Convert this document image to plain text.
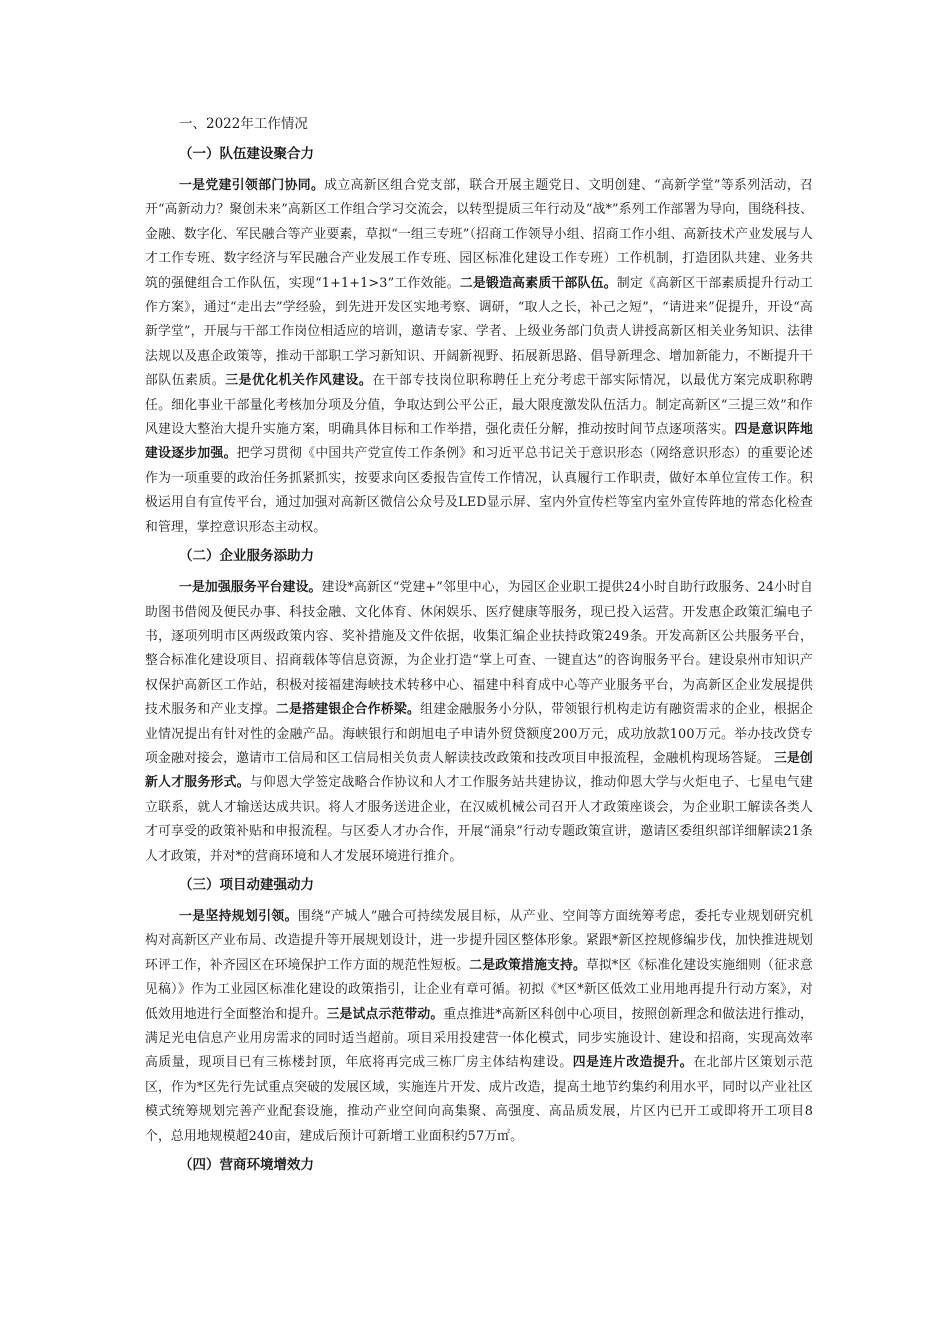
一、2022年工作情况
（一）队伍建设聚合力

一是党建引领部门协同。成立高新区组合党支部，联合开展主题党日、文明创建、“高新学堂”等系列活动，召开“高新动力？聚创未来”高新区工作组合学习交流会，以转型提质三年行动及“战*”系列工作部署为导向，围绕科技、金融、数字化、军民融合等产业要素，草拟“一组三专班”（招商工作领导小组、招商工作小组、高新技术产业发展与人才工作专班、数字经济与军民融合产业发展工作专班、园区标准化建设工作专班）工作机制，打造团队共建、业务共筑的强健组合工作队伍，实现“1+1+1>3”工作效能。二是锻造高素质干部队伍。制定《高新区干部素质提升行动工作方案》，通过“走出去”学经验，到先进开发区实地考察、调研，“取人之长，补己之短”，“请进来”促提升，开设“高新学堂”，开展与干部工作岗位相适应的培训，邀请专家、学者、上级业务部门负责人讲授高新区相关业务知识、法律法规以及惠企政策等，推动干部职工学习新知识、开阔新视野、拓展新思路、倡导新理念、增加新能力，不断提升干部队伍素质。三是优化机关作风建设。在干部专技岗位职称聘任上充分考虑干部实际情况，以最优方案完成职称聘任。细化事业干部量化考核加分项及分值，争取达到公平公正，最大限度激发队伍活力。制定高新区“三提三效”和作风建设大整治大提升实施方案，明确具体目标和工作举措，强化责任分解，推动按时间节点逐项落实。四是意识阵地建设逐步加强。把学习贯彻《中国共产党宣传工作条例》和习近平总书记关于意识形态（网络意识形态）的重要论述作为一项重要的政治任务抓紧抓实，按要求向区委报告宣传工作情况，认真履行工作职责，做好本单位宣传工作。积极运用自有宣传平台，通过加强对高新区微信公众号及LED显示屏、室内外宣传栏等室内室外宣传阵地的常态化检查和管理，掌控意识形态主动权。

（二）企业服务添助力

一是加强服务平台建设。建设*高新区“党建+”邻里中心，为园区企业职工提供24小时自助行政服务、24小时自助图书借阅及便民办事、科技金融、文化体育、休闲娱乐、医疗健康等服务，现已投入运营。开发惠企政策汇编电子书，逐项列明市区两级政策内容、奖补措施及文件依据，收集汇编企业扶持政策249条。开发高新区公共服务平台，整合标准化建设项目、招商载体等信息资源，为企业打造“掌上可查、一键直达”的咨询服务平台。建设泉州市知识产权保护高新区工作站，积极对接福建海峡技术转移中心、福建中科育成中心等产业服务平台，为高新区企业发展提供技术服务和产业支撑。二是搭建银企合作桥梁。组建金融服务小分队，带领银行机构走访有融资需求的企业，根据企业情况提出有针对性的金融产品。海峡银行和朗旭电子申请外贸贷额度200万元，成功放款100万元。举办技改贷专项金融对接会，邀请市工信局和区工信局相关负责人解读技改政策和技改项目申报流程，金融机构现场答疑。 三是创新人才服务形式。与仰恩大学签定战略合作协议和人才工作服务站共建协议，推动仰恩大学与火炬电子、七星电气建立联系，就人才输送达成共识。将人才服务送进企业，在汉威机械公司召开人才政策座谈会，为企业职工解读各类人才可享受的政策补贴和申报流程。与区委人才办合作，开展“涌泉”行动专题政策宣讲，邀请区委组织部详细解读21条人才政策，并对*的营商环境和人才发展环境进行推介。

（三）项目动建强动力

一是坚持规划引领。围绕“产城人”融合可持续发展目标，从产业、空间等方面统筹考虑，委托专业规划研究机构对高新区产业布局、改造提升等开展规划设计，进一步提升园区整体形象。紧跟*新区控规修编步伐，加快推进规划环评工作，补齐园区在环境保护工作方面的规范性短板。二是政策措施支持。草拟*区《标准化建设实施细则（征求意见稿）》作为工业园区标准化建设的政策指引，让企业有章可循。初拟《*区*新区低效工业用地再提升行动方案》，对低效用地进行全面整治和提升。三是试点示范带动。重点推进*高新区科创中心项目，按照创新理念和做法进行推动，满足光电信息产业用房需求的同时适当超前。项目采用投建营一体化模式，同步实施设计、建设和招商，实现高效率高质量，现项目已有三栋楼封顶，年底将再完成三栋厂房主体结构建设。四是连片改造提升。在北部片区策划示范区，作为*区先行先试重点突破的发展区域，实施连片开发、成片改造，提高土地节约集约利用水平，同时以产业社区模式统筹规划完善产业配套设施，推动产业空间向高集聚、高强度、高品质发展，片区内已开工或即将开工项目8个，总用地规模超240亩，建成后预计可新增工业面积约57万㎡。

（四）营商环境增效力
